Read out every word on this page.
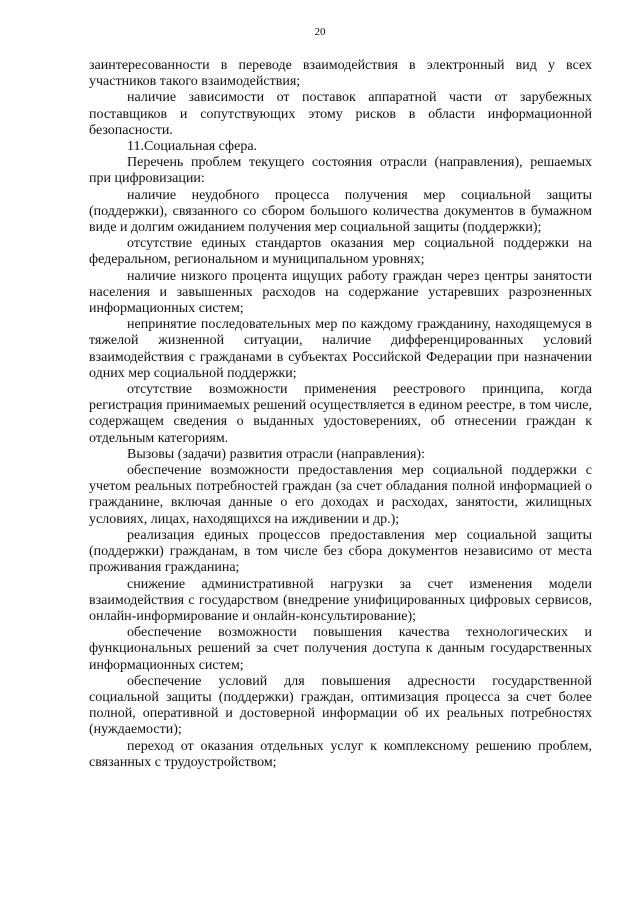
20

заинтересованности в переводе взаимодействия в электронный вид у всех участников такого взаимодействия;

наличие зависимости от поставок аппаратной части от зарубежных поставщиков и сопутствующих этому рисков в области информационной безопасности.

11.Социальная сфера.

Перечень проблем текущего состояния отрасли (направления), решаемых при цифровизации:

наличие неудобного процесса получения мер социальной защиты (поддержки), связанного со сбором большого количества документов в бумажном виде и долгим ожиданием получения мер социальной защиты (поддержки);

отсутствие единых стандартов оказания мер социальной поддержки на федеральном, региональном и муниципальном уровнях;

наличие низкого процента ищущих работу граждан через центры занятости населения и завышенных расходов на содержание устаревших разрозненных информационных систем;

непринятие последовательных мер по каждому гражданину, находящемуся в тяжелой жизненной ситуации, наличие дифференцированных условий взаимодействия с гражданами в субъектах Российской Федерации при назначении одних мер социальной поддержки;

отсутствие возможности применения реестрового принципа, когда регистрация принимаемых решений осуществляется в едином реестре, в том числе, содержащем сведения о выданных удостоверениях, об отнесении граждан к отдельным категориям.

Вызовы (задачи) развития отрасли (направления):

обеспечение возможности предоставления мер социальной поддержки с учетом реальных потребностей граждан (за счет обладания полной информацией о гражданине, включая данные о его доходах и расходах, занятости, жилищных условиях, лицах, находящихся на иждивении и др.);

реализация единых процессов предоставления мер социальной защиты (поддержки) гражданам, в том числе без сбора документов независимо от места проживания гражданина;

снижение административной нагрузки за счет изменения модели взаимодействия с государством (внедрение унифицированных цифровых сервисов, онлайн-информирование и онлайн-консультирование);

обеспечение возможности повышения качества технологических и функциональных решений за счет получения доступа к данным государственных информационных систем;

обеспечение условий для повышения адресности государственной социальной защиты (поддержки) граждан, оптимизация процесса за счет более полной, оперативной и достоверной информации об их реальных потребностях (нуждаемости);

переход от оказания отдельных услуг к комплексному решению проблем, связанных с трудоустройством;
